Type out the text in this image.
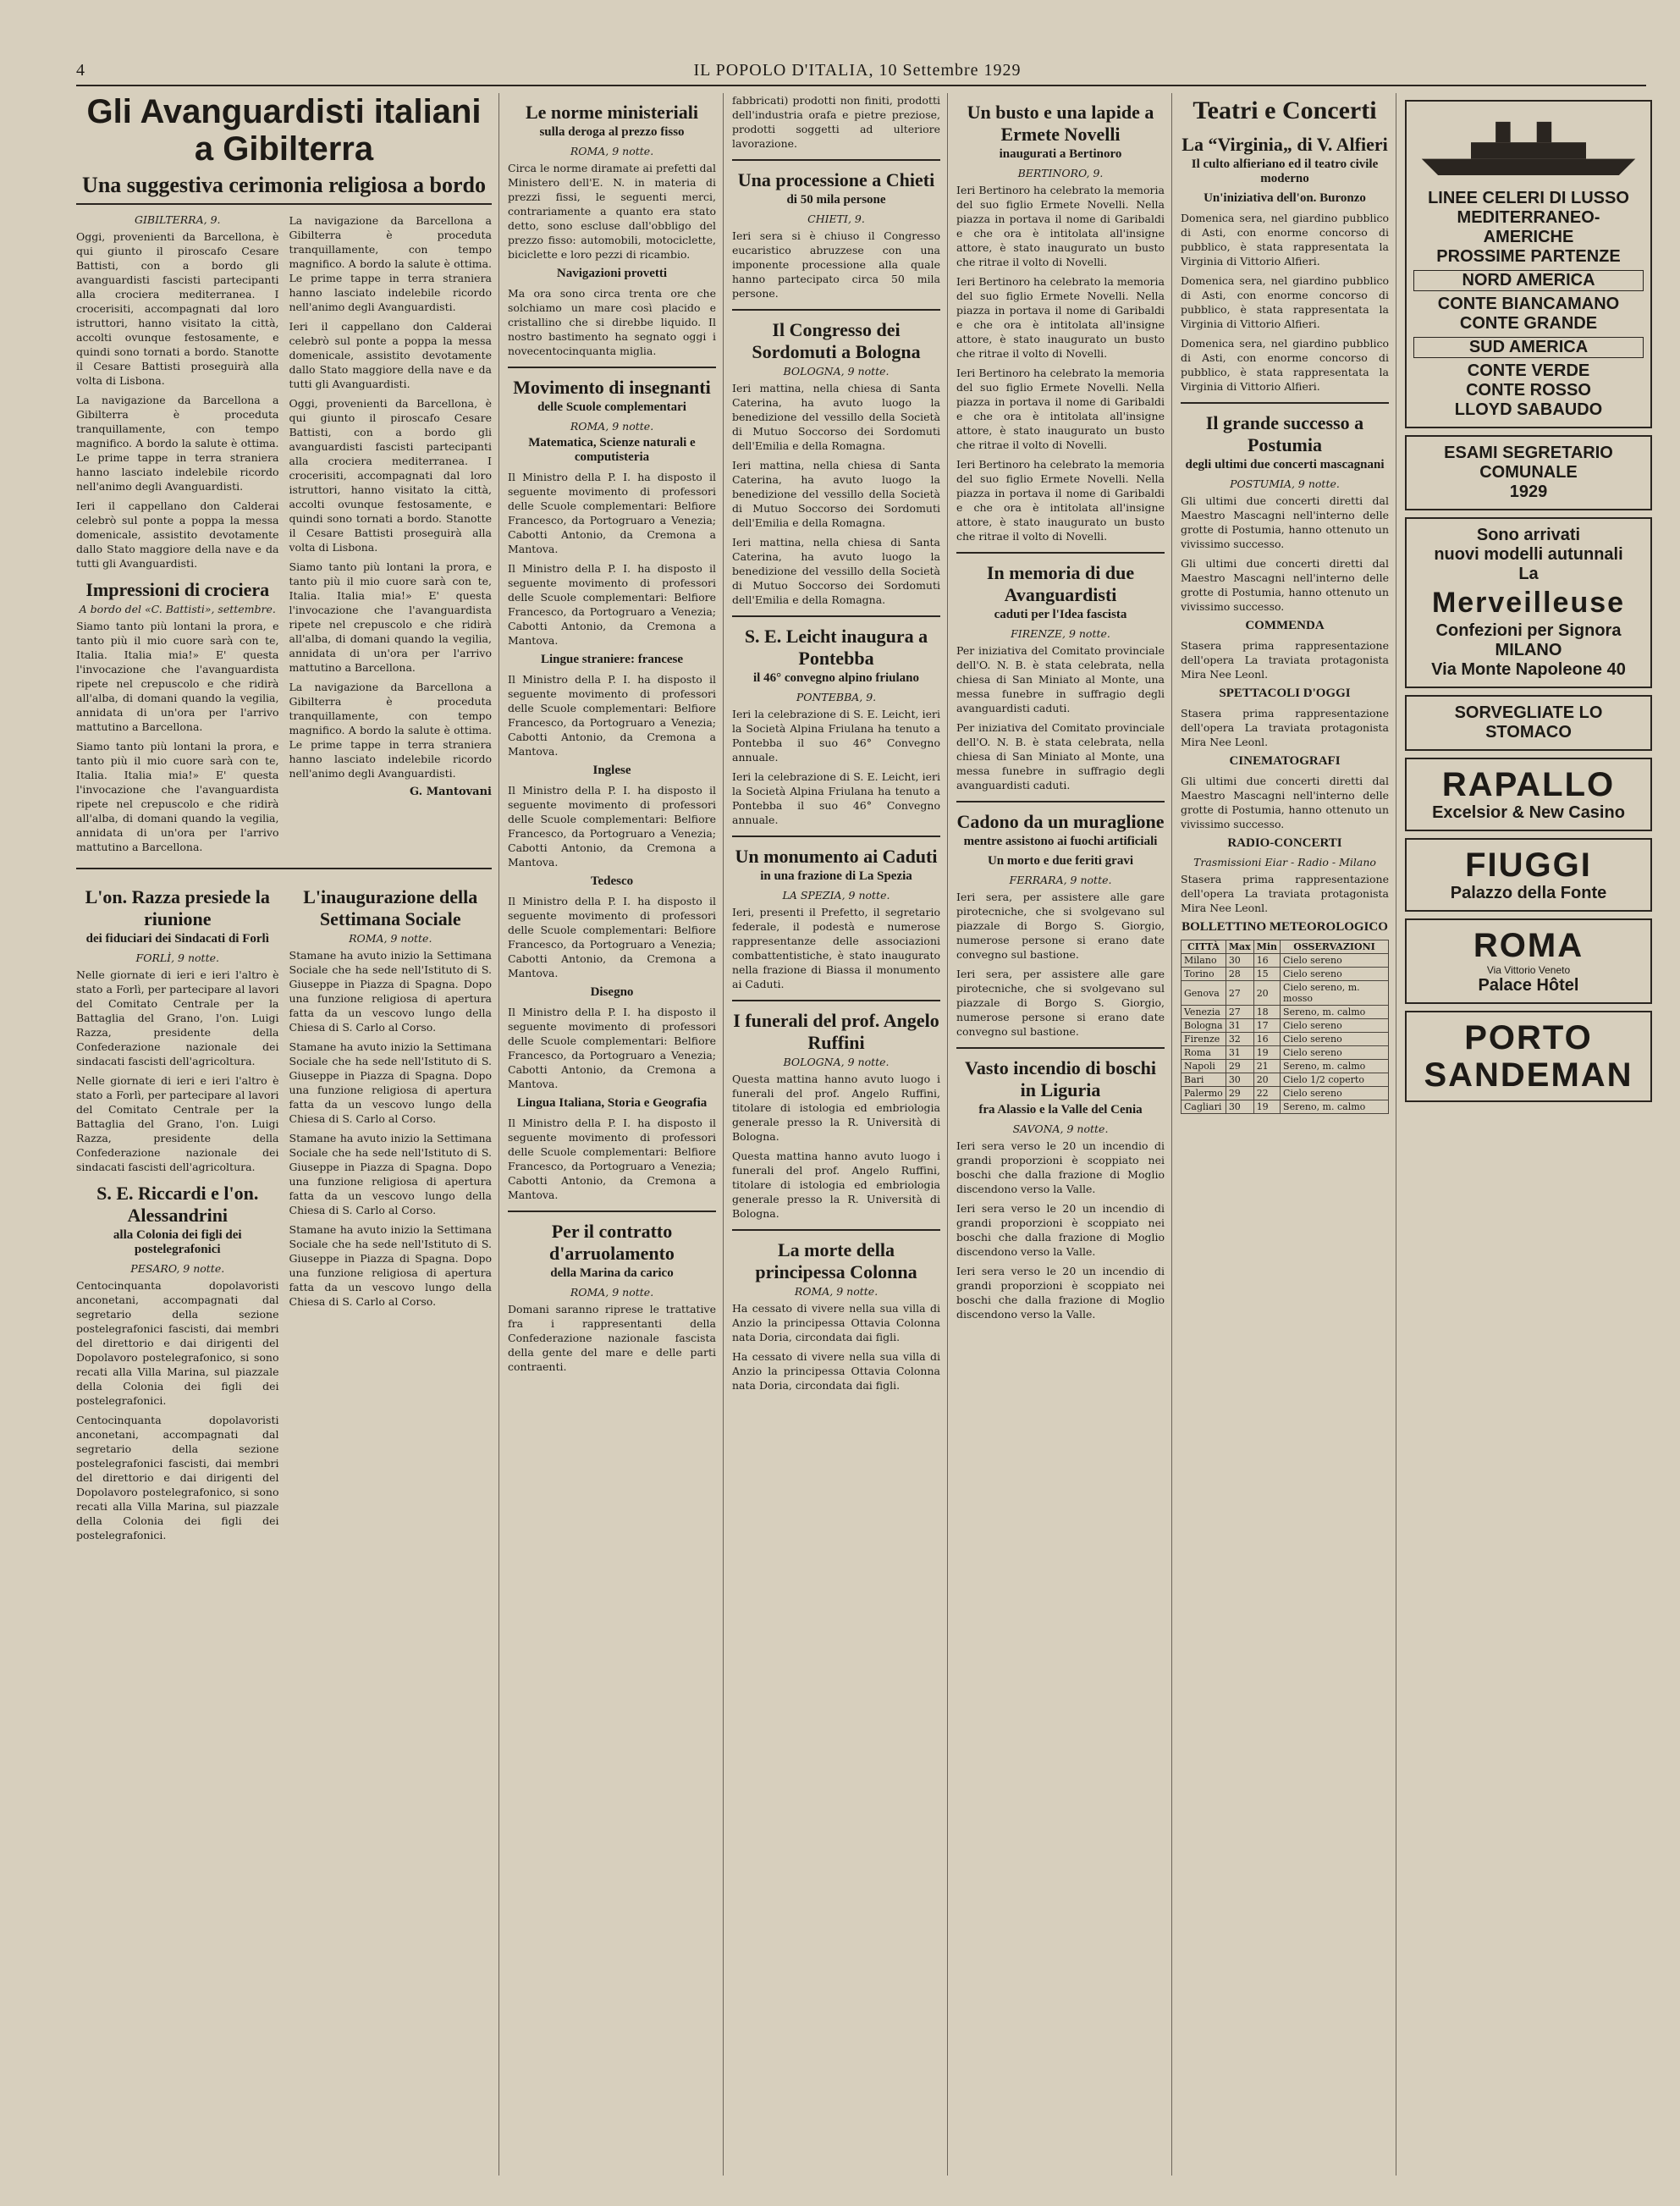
4	IL POPOLO D'ITALIA, 10 Settembre 1929
Gli Avanguardisti italiani a Gibilterra
Una suggestiva cerimonia religiosa a bordo
GIBILTERRA, 9.

Oggi, provenienti da Barcellona, è qui giunto il piroscafo Cesare Battisti, con a bordo gli avanguardisti fascisti partecipanti alla crociera mediterranea. I crocerisiti, accompagnati dal loro istruttori, hanno visitato la città, accolti ovunque festosamente, e quindi sono tornati a bordo. Stanotte il Cesare Battisti proseguirà alla volta di Lisbona.

La navigazione da Barcellona a Gibilterra è proceduta tranquillamente, con tempo magnifico. A bordo la salute è ottima. Le prime tappe in terra straniera hanno lasciato indelebile ricordo nell'animo degli Avanguardisti.

Ieri il cappellano don Calderai celebrò sul ponte a poppa la messa domenicale, assistito devotamente dallo Stato maggiore della nave e da tutti gli Avanguardisti.

Impressioni di crociera
A bordo del «C. Battisti», settembre.

Siamo tanto più lontani la prora, e tanto più il mio cuore sarà con te, Italia. Italia mia!» E' questa l'invocazione che l'avanguardista ripete nel crepuscolo e che ridirà all'alba, di domani quando la vegilia, annidata di un'ora per l'arrivo mattutino a Barcellona.

Siamo tanto più lontani la prora, e tanto più il mio cuore sarà con te, Italia. Italia mia!» E' questa l'invocazione che l'avanguardista ripete nel crepuscolo e che ridirà all'alba, di domani quando la vegilia, annidata di un'ora per l'arrivo mattutino a Barcellona.

La navigazione da Barcellona a Gibilterra è proceduta tranquillamente, con tempo magnifico. A bordo la salute è ottima. Le prime tappe in terra straniera hanno lasciato indelebile ricordo nell'animo degli Avanguardisti.

Ieri il cappellano don Calderai celebrò sul ponte a poppa la messa domenicale, assistito devotamente dallo Stato maggiore della nave e da tutti gli Avanguardisti.

Oggi, provenienti da Barcellona, è qui giunto il piroscafo Cesare Battisti, con a bordo gli avanguardisti fascisti partecipanti alla crociera mediterranea. I crocerisiti, accompagnati dal loro istruttori, hanno visitato la città, accolti ovunque festosamente, e quindi sono tornati a bordo. Stanotte il Cesare Battisti proseguirà alla volta di Lisbona.

Siamo tanto più lontani la prora, e tanto più il mio cuore sarà con te, Italia. Italia mia!» E' questa l'invocazione che l'avanguardista ripete nel crepuscolo e che ridirà all'alba, di domani quando la vegilia, annidata di un'ora per l'arrivo mattutino a Barcellona.

La navigazione da Barcellona a Gibilterra è proceduta tranquillamente, con tempo magnifico. A bordo la salute è ottima. Le prime tappe in terra straniera hanno lasciato indelebile ricordo nell'animo degli Avanguardisti.

G. Mantovani
L'on. Razza presiede la riunione
dei fiduciari dei Sindacati di Forlì
FORLÌ, 9 notte.

Nelle giornate di ieri e ieri l'altro è stato a Forlì, per partecipare al lavori del Comitato Centrale per la Battaglia del Grano, l'on. Luigi Razza, presidente della Confederazione nazionale dei sindacati fascisti dell'agricoltura.

Nelle giornate di ieri e ieri l'altro è stato a Forlì, per partecipare al lavori del Comitato Centrale per la Battaglia del Grano, l'on. Luigi Razza, presidente della Confederazione nazionale dei sindacati fascisti dell'agricoltura.

S. E. Riccardi e l'on. Alessandrini
alla Colonia dei figli dei postelegrafonici
PESARO, 9 notte.

Centocinquanta dopolavoristi anconetani, accompagnati dal segretario della sezione postelegrafonici fascisti, dai membri del direttorio e dai dirigenti del Dopolavoro postelegrafonico, si sono recati alla Villa Marina, sul piazzale della Colonia dei figli dei postelegrafonici.

Centocinquanta dopolavoristi anconetani, accompagnati dal segretario della sezione postelegrafonici fascisti, dai membri del direttorio e dai dirigenti del Dopolavoro postelegrafonico, si sono recati alla Villa Marina, sul piazzale della Colonia dei figli dei postelegrafonici.

L'inaugurazione della Settimana Sociale
ROMA, 9 notte.

Stamane ha avuto inizio la Settimana Sociale che ha sede nell'Istituto di S. Giuseppe in Piazza di Spagna. Dopo una funzione religiosa di apertura fatta da un vescovo lungo della Chiesa di S. Carlo al Corso.

Stamane ha avuto inizio la Settimana Sociale che ha sede nell'Istituto di S. Giuseppe in Piazza di Spagna. Dopo una funzione religiosa di apertura fatta da un vescovo lungo della Chiesa di S. Carlo al Corso.

Stamane ha avuto inizio la Settimana Sociale che ha sede nell'Istituto di S. Giuseppe in Piazza di Spagna. Dopo una funzione religiosa di apertura fatta da un vescovo lungo della Chiesa di S. Carlo al Corso.

Stamane ha avuto inizio la Settimana Sociale che ha sede nell'Istituto di S. Giuseppe in Piazza di Spagna. Dopo una funzione religiosa di apertura fatta da un vescovo lungo della Chiesa di S. Carlo al Corso.

Le norme ministeriali
sulla deroga al prezzo fisso
ROMA, 9 notte.

Circa le norme diramate ai prefetti dal Ministero dell'E. N. in materia di prezzi fissi, le seguenti merci, contrariamente a quanto era stato detto, sono escluse dall'obbligo del prezzo fisso: automobili, motociclette, biciclette e loro pezzi di ricambio.

Navigazioni provetti

Ma ora sono circa trenta ore che solchiamo un mare così placido e cristallino che si direbbe liquido. Il nostro bastimento ha segnato oggi i novecentocinquanta miglia.

Movimento di insegnanti
delle Scuole complementari
ROMA, 9 notte.
Matematica, Scienze naturali e computisteria

Il Ministro della P. I. ha disposto il seguente movimento di professori delle Scuole complementari: Belfiore Francesco, da Portogruaro a Venezia; Cabotti Antonio, da Cremona a Mantova.

Il Ministro della P. I. ha disposto il seguente movimento di professori delle Scuole complementari: Belfiore Francesco, da Portogruaro a Venezia; Cabotti Antonio, da Cremona a Mantova.

Lingue straniere: francese

Il Ministro della P. I. ha disposto il seguente movimento di professori delle Scuole complementari: Belfiore Francesco, da Portogruaro a Venezia; Cabotti Antonio, da Cremona a Mantova.

Inglese

Il Ministro della P. I. ha disposto il seguente movimento di professori delle Scuole complementari: Belfiore Francesco, da Portogruaro a Venezia; Cabotti Antonio, da Cremona a Mantova.

Tedesco

Il Ministro della P. I. ha disposto il seguente movimento di professori delle Scuole complementari: Belfiore Francesco, da Portogruaro a Venezia; Cabotti Antonio, da Cremona a Mantova.

Disegno

Il Ministro della P. I. ha disposto il seguente movimento di professori delle Scuole complementari: Belfiore Francesco, da Portogruaro a Venezia; Cabotti Antonio, da Cremona a Mantova.

Lingua Italiana, Storia e Geografia

Il Ministro della P. I. ha disposto il seguente movimento di professori delle Scuole complementari: Belfiore Francesco, da Portogruaro a Venezia; Cabotti Antonio, da Cremona a Mantova.

Per il contratto d'arruolamento
della Marina da carico
ROMA, 9 notte.

Domani saranno riprese le trattative fra i rappresentanti della Confederazione nazionale fascista della gente del mare e delle parti contraenti.

fabbricati) prodotti non finiti, prodotti dell'industria orafa e pietre preziose, prodotti soggetti ad ulteriore lavorazione.

Una processione a Chieti
di 50 mila persone
CHIETI, 9.

Ieri sera si è chiuso il Congresso eucaristico abruzzese con una imponente processione alla quale hanno partecipato circa 50 mila persone.

Il Congresso dei Sordomuti a Bologna
BOLOGNA, 9 notte.

Ieri mattina, nella chiesa di Santa Caterina, ha avuto luogo la benedizione del vessillo della Società di Mutuo Soccorso dei Sordomuti dell'Emilia e della Romagna.

Ieri mattina, nella chiesa di Santa Caterina, ha avuto luogo la benedizione del vessillo della Società di Mutuo Soccorso dei Sordomuti dell'Emilia e della Romagna.

Ieri mattina, nella chiesa di Santa Caterina, ha avuto luogo la benedizione del vessillo della Società di Mutuo Soccorso dei Sordomuti dell'Emilia e della Romagna.

S. E. Leicht inaugura a Pontebba
il 46° convegno alpino friulano
PONTEBBA, 9.

Ieri la celebrazione di S. E. Leicht, ieri la Società Alpina Friulana ha tenuto a Pontebba il suo 46° Convegno annuale.

Ieri la celebrazione di S. E. Leicht, ieri la Società Alpina Friulana ha tenuto a Pontebba il suo 46° Convegno annuale.

Un monumento ai Caduti
in una frazione di La Spezia
LA SPEZIA, 9 notte.

Ieri, presenti il Prefetto, il segretario federale, il podestà e numerose rappresentanze delle associazioni combattentistiche, è stato inaugurato nella frazione di Biassa il monumento ai Caduti.

I funerali del prof. Angelo Ruffini
BOLOGNA, 9 notte.

Questa mattina hanno avuto luogo i funerali del prof. Angelo Ruffini, titolare di istologia ed embriologia generale presso la R. Università di Bologna.

Questa mattina hanno avuto luogo i funerali del prof. Angelo Ruffini, titolare di istologia ed embriologia generale presso la R. Università di Bologna.

La morte della principessa Colonna
ROMA, 9 notte.

Ha cessato di vivere nella sua villa di Anzio la principessa Ottavia Colonna nata Doria, circondata dai figli.

Ha cessato di vivere nella sua villa di Anzio la principessa Ottavia Colonna nata Doria, circondata dai figli.

Un busto e una lapide a Ermete Novelli
inaugurati a Bertinoro
BERTINORO, 9.

Ieri Bertinoro ha celebrato la memoria del suo figlio Ermete Novelli. Nella piazza in portava il nome di Garibaldi e che ora è intitolata all'insigne attore, è stato inaugurato un busto che ritrae il volto di Novelli.

Ieri Bertinoro ha celebrato la memoria del suo figlio Ermete Novelli. Nella piazza in portava il nome di Garibaldi e che ora è intitolata all'insigne attore, è stato inaugurato un busto che ritrae il volto di Novelli.

Ieri Bertinoro ha celebrato la memoria del suo figlio Ermete Novelli. Nella piazza in portava il nome di Garibaldi e che ora è intitolata all'insigne attore, è stato inaugurato un busto che ritrae il volto di Novelli.

Ieri Bertinoro ha celebrato la memoria del suo figlio Ermete Novelli. Nella piazza in portava il nome di Garibaldi e che ora è intitolata all'insigne attore, è stato inaugurato un busto che ritrae il volto di Novelli.

In memoria di due Avanguardisti
caduti per l'Idea fascista
FIRENZE, 9 notte.

Per iniziativa del Comitato provinciale dell'O. N. B. è stata celebrata, nella chiesa di San Miniato al Monte, una messa funebre in suffragio degli avanguardisti caduti.

Per iniziativa del Comitato provinciale dell'O. N. B. è stata celebrata, nella chiesa di San Miniato al Monte, una messa funebre in suffragio degli avanguardisti caduti.

Cadono da un muraglione
mentre assistono ai fuochi artificiali
Un morto e due feriti gravi
FERRARA, 9 notte.

Ieri sera, per assistere alle gare pirotecniche, che si svolgevano sul piazzale di Borgo S. Giorgio, numerose persone si erano date convegno sul bastione.

Ieri sera, per assistere alle gare pirotecniche, che si svolgevano sul piazzale di Borgo S. Giorgio, numerose persone si erano date convegno sul bastione.

Vasto incendio di boschi in Liguria
fra Alassio e la Valle del Cenia
SAVONA, 9 notte.

Ieri sera verso le 20 un incendio di grandi proporzioni è scoppiato nei boschi che dalla frazione di Moglio discendono verso la Valle.

Ieri sera verso le 20 un incendio di grandi proporzioni è scoppiato nei boschi che dalla frazione di Moglio discendono verso la Valle.

Ieri sera verso le 20 un incendio di grandi proporzioni è scoppiato nei boschi che dalla frazione di Moglio discendono verso la Valle.

Teatri e Concerti
La “Virginia„ di V. Alfieri
Il culto alfieriano ed il teatro civile moderno
Un'iniziativa dell'on. Buronzo

Domenica sera, nel giardino pubblico di Asti, con enorme concorso di pubblico, è stata rappresentata la Virginia di Vittorio Alfieri.

Domenica sera, nel giardino pubblico di Asti, con enorme concorso di pubblico, è stata rappresentata la Virginia di Vittorio Alfieri.

Domenica sera, nel giardino pubblico di Asti, con enorme concorso di pubblico, è stata rappresentata la Virginia di Vittorio Alfieri.

Il grande successo a Postumia
degli ultimi due concerti mascagnani
POSTUMIA, 9 notte.

Gli ultimi due concerti diretti dal Maestro Mascagni nell'interno delle grotte di Postumia, hanno ottenuto un vivissimo successo.

Gli ultimi due concerti diretti dal Maestro Mascagni nell'interno delle grotte di Postumia, hanno ottenuto un vivissimo successo.

COMMENDA

Stasera prima rappresentazione dell'opera La traviata protagonista Mira Nee Leonl.

SPETTACOLI D'OGGI

Stasera prima rappresentazione dell'opera La traviata protagonista Mira Nee Leonl.

CINEMATOGRAFI

Gli ultimi due concerti diretti dal Maestro Mascagni nell'interno delle grotte di Postumia, hanno ottenuto un vivissimo successo.

RADIO-CONCERTI
Trasmissioni Eiar - Radio - Milano

Stasera prima rappresentazione dell'opera La traviata protagonista Mira Nee Leonl.

BOLLETTINO METEOROLOGICO
CITTÀ	Max	Min	OSSERVAZIONI
Milano	30	16	Cielo sereno
Torino	28	15	Cielo sereno
Genova	27	20	Cielo sereno, m. mosso
Venezia	27	18	Sereno, m. calmo
Bologna	31	17	Cielo sereno
Firenze	32	16	Cielo sereno
Roma	31	19	Cielo sereno
Napoli	29	21	Sereno, m. calmo
Bari	30	20	Cielo 1/2 coperto
Palermo	29	22	Cielo sereno
Cagliari	30	19	Sereno, m. calmo
LINEE CELERI DI LUSSO
MEDITERRANEO-AMERICHE
PROSSIME PARTENZE
NORD AMERICA
CONTE BIANCAMANO
CONTE GRANDE
SUD AMERICA
CONTE VERDE
CONTE ROSSO
LLOYD SABAUDO
ESAMI SEGRETARIO COMUNALE
1929
Sono arrivati
nuovi modelli autunnali
La
Merveilleuse
Confezioni per Signora
MILANO
Via Monte Napoleone 40
SORVEGLIATE LO STOMACO
RAPALLO
Excelsior & New Casino
FIUGGI
Palazzo della Fonte
ROMA
Via Vittorio Veneto
Palace Hôtel
PORTO
SANDEMAN
